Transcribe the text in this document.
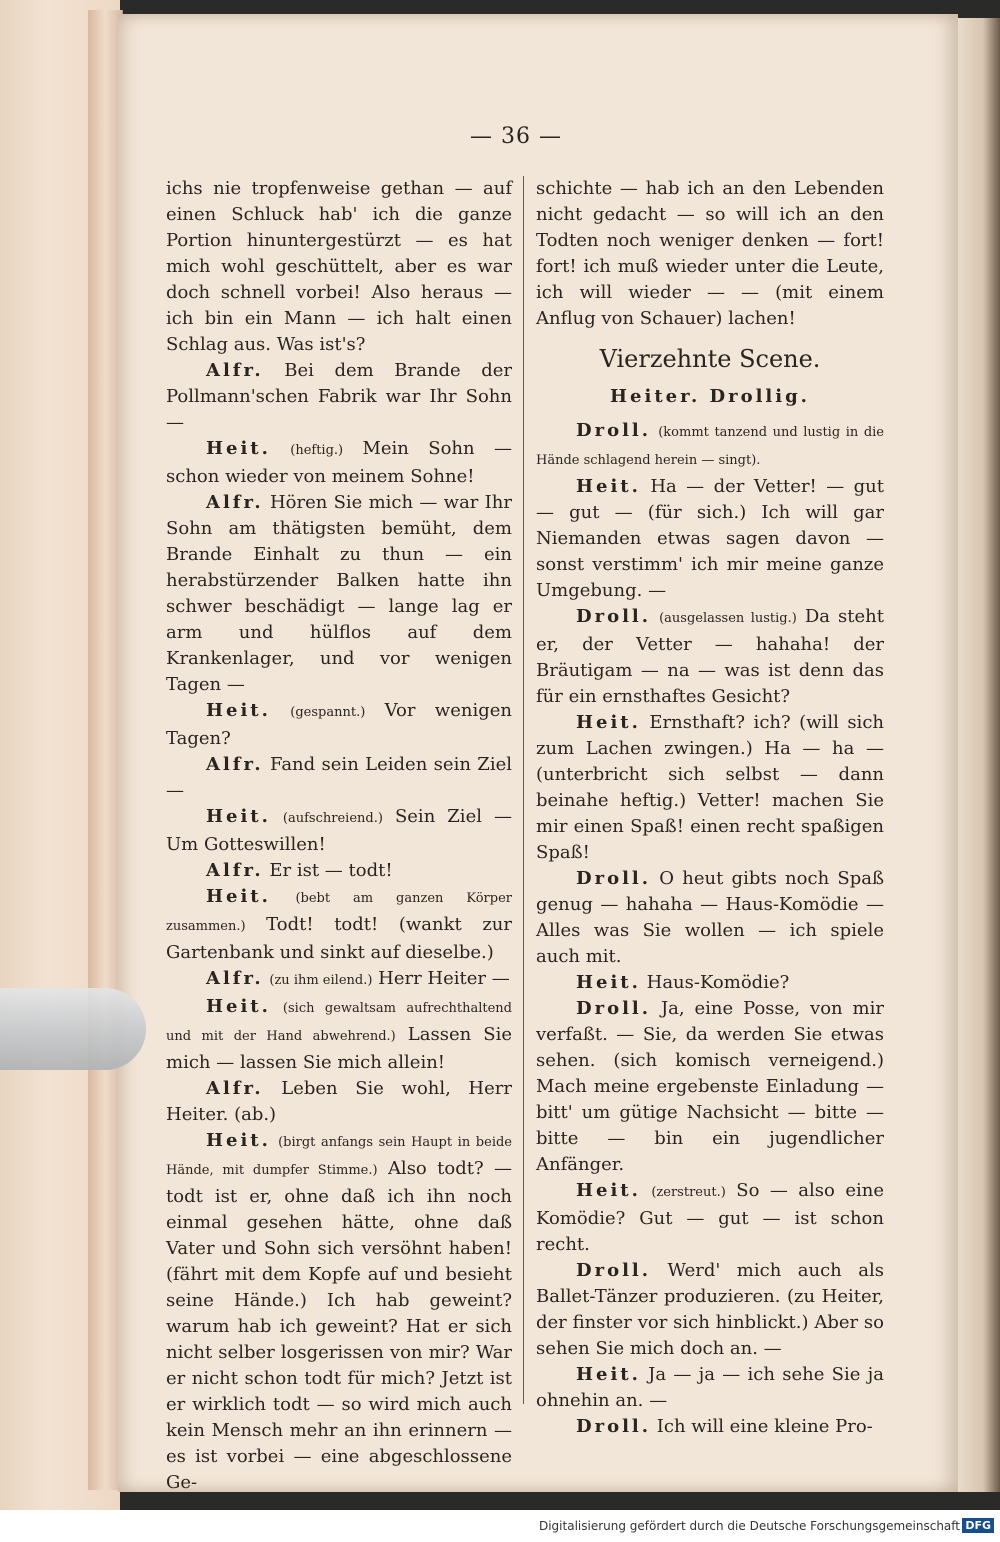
— 36 —

ichs nie tropfenweise gethan — auf einen Schluck hab' ich die ganze Portion hinuntergestürzt — es hat mich wohl geschüttelt, aber es war doch schnell vorbei! Also heraus — ich bin ein Mann — ich halt einen Schlag aus. Was ist's?

Alfr. Bei dem Brande der Pollmann'schen Fabrik war Ihr Sohn —

Heit. (heftig.) Mein Sohn — schon wieder von meinem Sohne!

Alfr. Hören Sie mich — war Ihr Sohn am thätigsten bemüht, dem Brande Einhalt zu thun — ein herabstürzender Balken hatte ihn schwer beschädigt — lange lag er arm und hülflos auf dem Krankenlager, und vor wenigen Tagen —

Heit. (gespannt.) Vor wenigen Tagen?

Alfr. Fand sein Leiden sein Ziel —

Heit. (aufschreiend.) Sein Ziel — Um Gotteswillen!

Alfr. Er ist — todt!

Heit. (bebt am ganzen Körper zusammen.) Todt! todt! (wankt zur Gartenbank und sinkt auf dieselbe.)

Alfr. (zu ihm eilend.) Herr Heiter —

Heit. (sich gewaltsam aufrechthaltend und mit der Hand abwehrend.) Lassen Sie mich — lassen Sie mich allein!

Alfr. Leben Sie wohl, Herr Heiter. (ab.)

Heit. (birgt anfangs sein Haupt in beide Hände, mit dumpfer Stimme.) Also todt? — todt ist er, ohne daß ich ihn noch einmal gesehen hätte, ohne daß Vater und Sohn sich versöhnt haben! (fährt mit dem Kopfe auf und besieht seine Hände.) Ich hab geweint? warum hab ich geweint? Hat er sich nicht selber losgerissen von mir? War er nicht schon todt für mich? Jetzt ist er wirklich todt — so wird mich auch kein Mensch mehr an ihn erinnern — es ist vorbei — eine abgeschlossene Ge-

schichte — hab ich an den Lebenden nicht gedacht — so will ich an den Todten noch weniger denken — fort! fort! ich muß wieder unter die Leute, ich will wieder — — (mit einem Anflug von Schauer) lachen!

Vierzehnte Scene.

Heiter. Drollig.

Droll. (kommt tanzend und lustig in die Hände schlagend herein — singt).

Heit. Ha — der Vetter! — gut — gut — (für sich.) Ich will gar Niemanden etwas sagen davon — sonst verstimm' ich mir meine ganze Umgebung. —

Droll. (ausgelassen lustig.) Da steht er, der Vetter — hahaha! der Bräutigam — na — was ist denn das für ein ernsthaftes Gesicht?

Heit. Ernsthaft? ich? (will sich zum Lachen zwingen.) Ha — ha — (unterbricht sich selbst — dann beinahe heftig.) Vetter! machen Sie mir einen Spaß! einen recht spaßigen Spaß!

Droll. O heut gibts noch Spaß genug — hahaha — Haus-Komödie — Alles was Sie wollen — ich spiele auch mit.

Heit. Haus-Komödie?

Droll. Ja, eine Posse, von mir verfaßt. — Sie, da werden Sie etwas sehen. (sich komisch verneigend.) Mach meine ergebenste Einladung — bitt' um gütige Nachsicht — bitte — bitte — bin ein jugendlicher Anfänger.

Heit. (zerstreut.) So — also eine Komödie? Gut — gut — ist schon recht.

Droll. Werd' mich auch als Ballet-Tänzer produzieren. (zu Heiter, der finster vor sich hinblickt.) Aber so sehen Sie mich doch an. —

Heit. Ja — ja — ich sehe Sie ja ohnehin an. —

Droll. Ich will eine kleine Pro-

Digitalisierung gefördert durch die Deutsche Forschungsgemeinschaft DFG
